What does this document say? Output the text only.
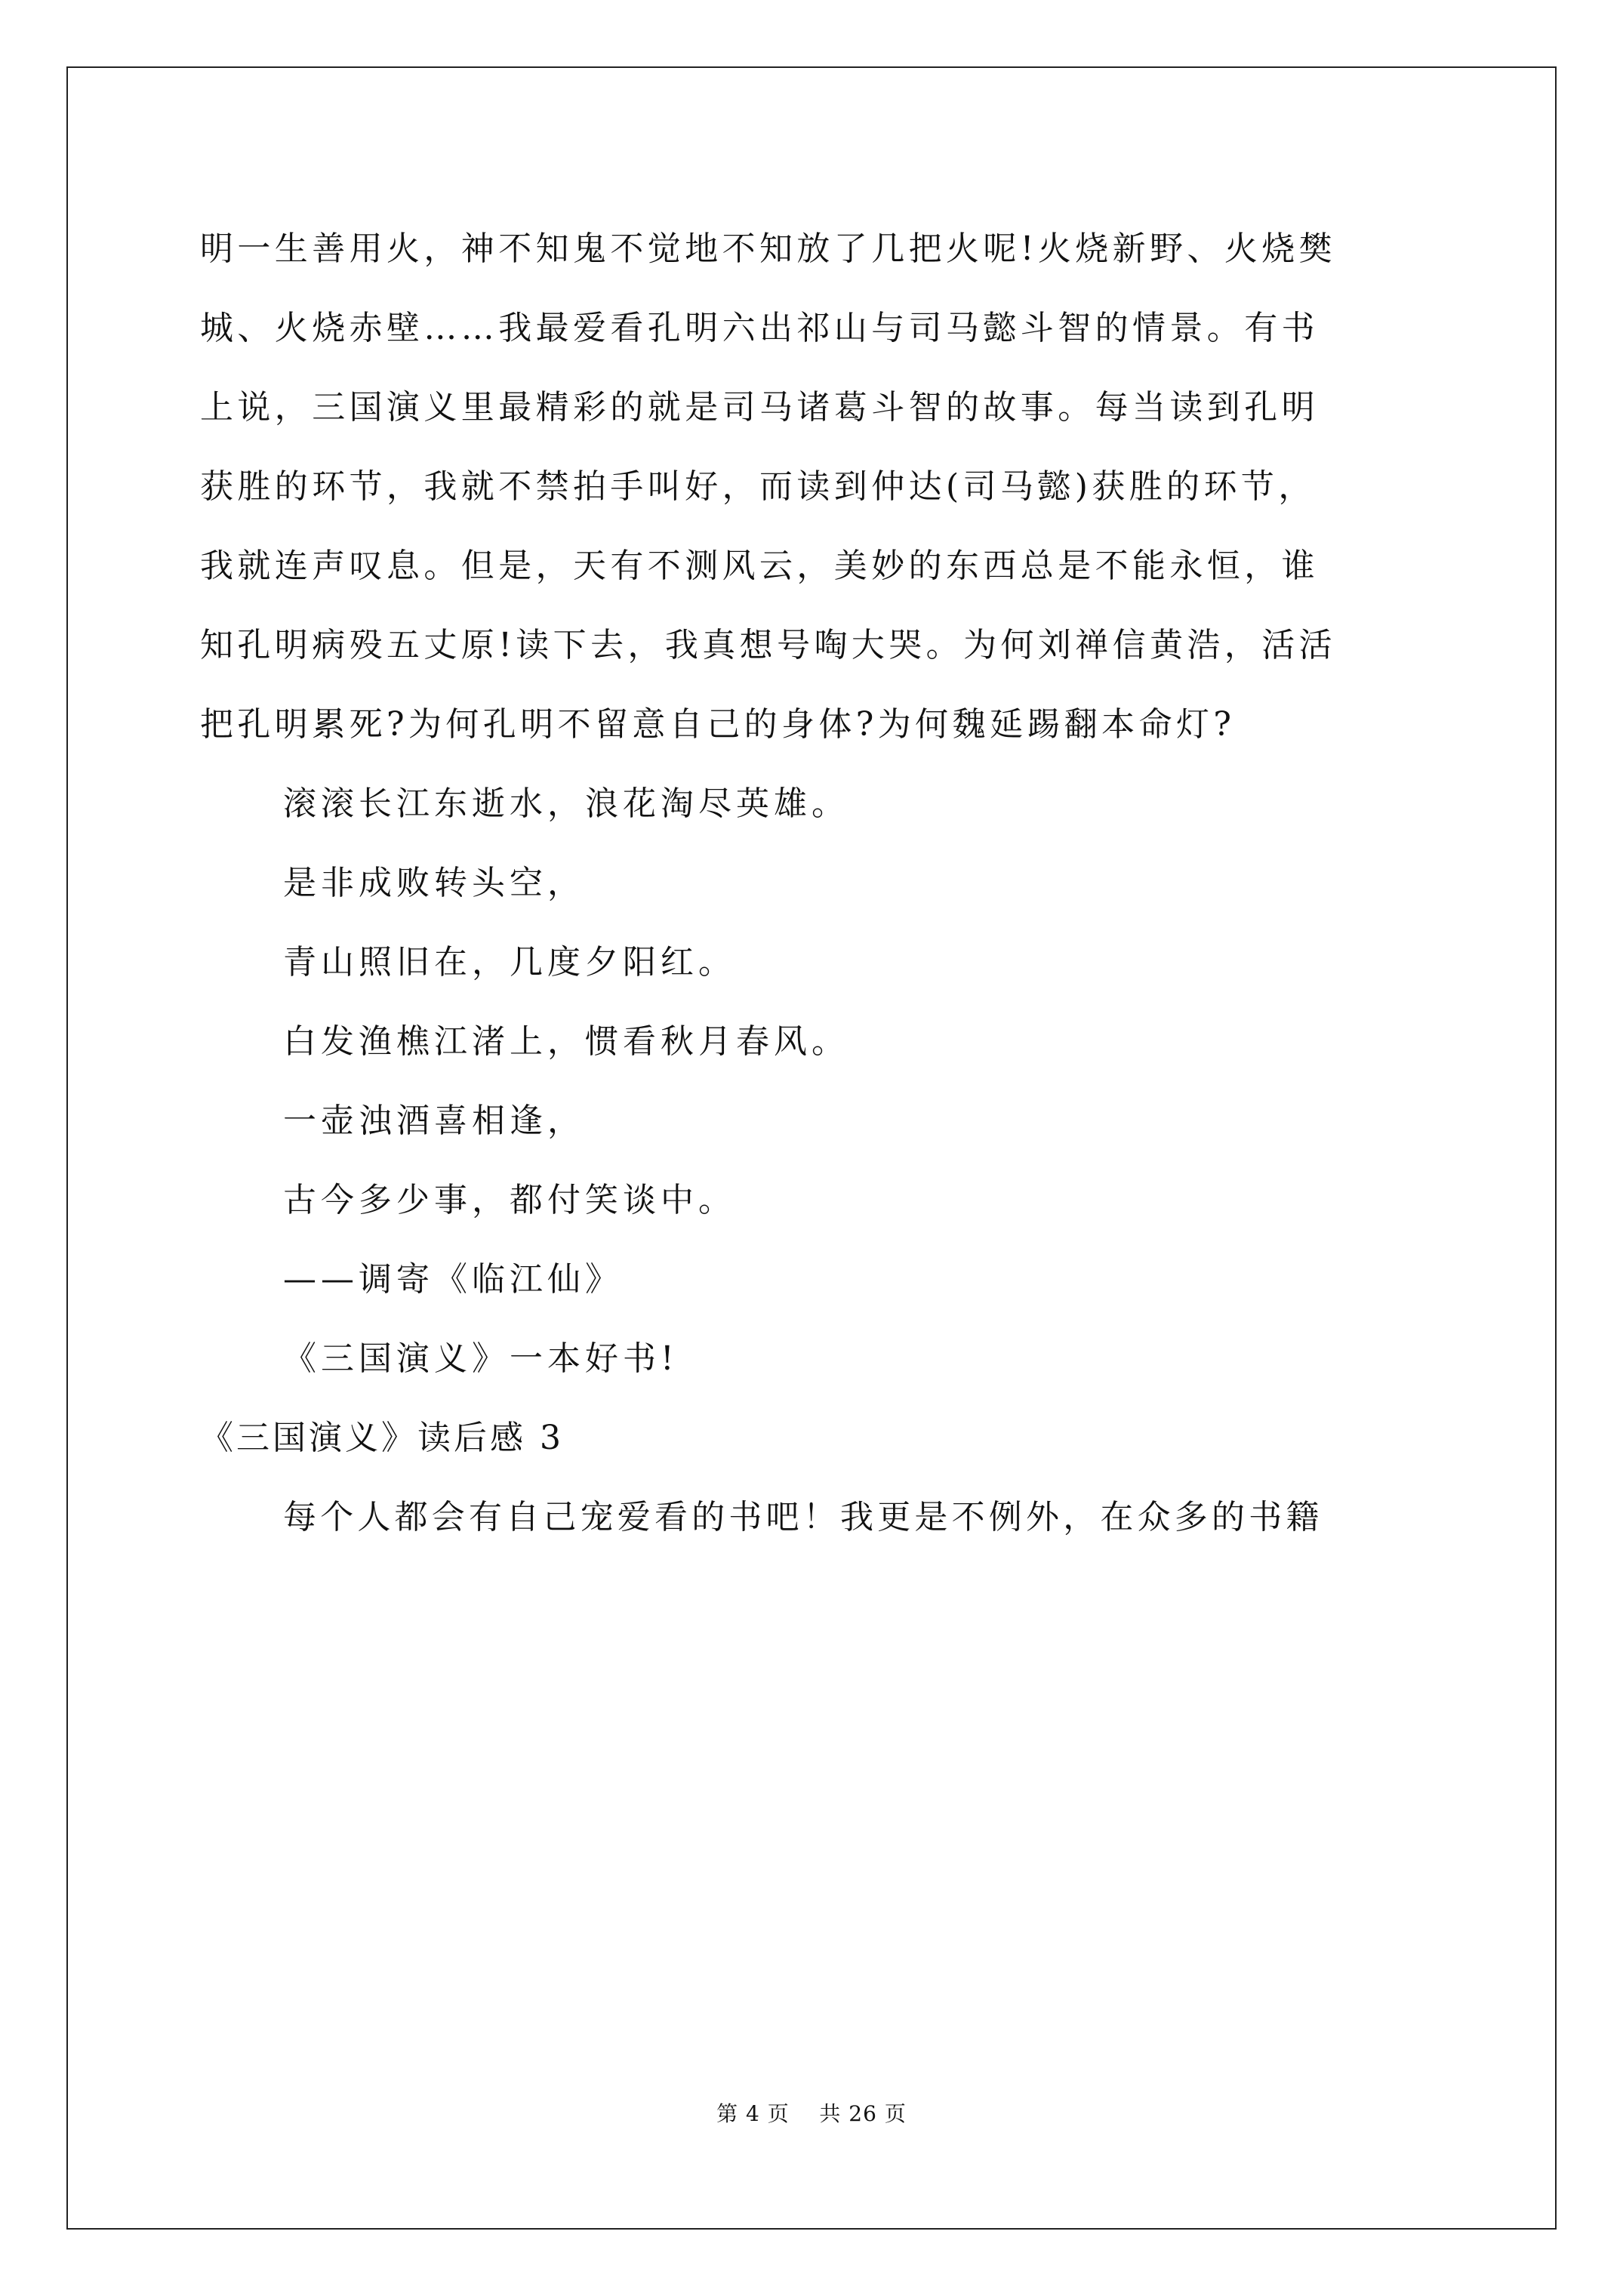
明一生善用火，神不知鬼不觉地不知放了几把火呢!火烧新野、火烧樊
城、火烧赤壁……我最爱看孔明六出祁山与司马懿斗智的情景。有书
上说，三国演义里最精彩的就是司马诸葛斗智的故事。每当读到孔明
获胜的环节，我就不禁拍手叫好，而读到仲达(司马懿)获胜的环节，
我就连声叹息。但是，天有不测风云，美妙的东西总是不能永恒，谁
知孔明病殁五丈原!读下去，我真想号啕大哭。为何刘禅信黄浩，活活
把孔明累死?为何孔明不留意自己的身体?为何魏延踢翻本命灯?
滚滚长江东逝水，浪花淘尽英雄。
是非成败转头空，
青山照旧在，几度夕阳红。
白发渔樵江渚上，惯看秋月春风。
一壶浊酒喜相逢，
古今多少事，都付笑谈中。
——调寄《临江仙》
《三国演义》一本好书!
《三国演义》读后感 3
每个人都会有自己宠爱看的书吧！我更是不例外，在众多的书籍
第 4 页 共 26 页
